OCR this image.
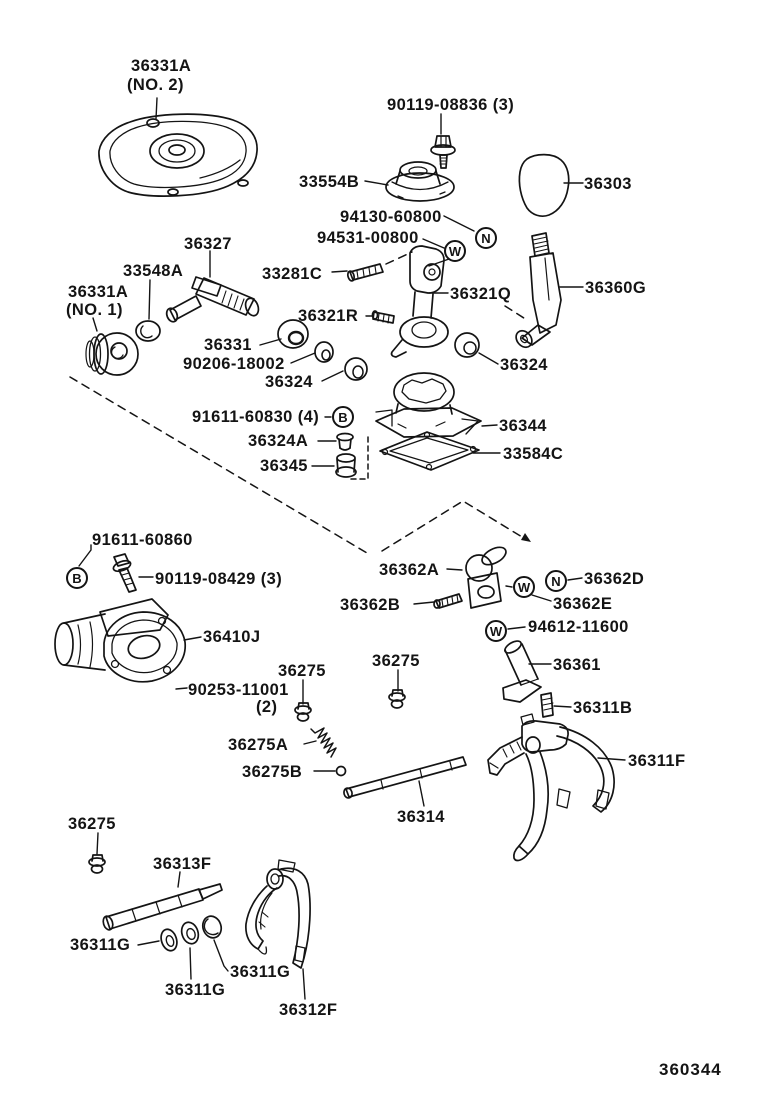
36331A
(NO. 2)
90119-08836 (3)
33554B	36303
94130-60800
94531-00800
36327
33548A
36331A
(NO. 1)
33281C
36321Q	36360G
36321R
36331
90206-18002
36324
36324
91611-60830 (4)
36324A
36345
36344
33584C
91611-60860
90119-08429 (3)
36410J
90253-11001
(2)
36275
36275	36361
36311B
36362A
36362B
36362D
36362E
94612-11600
36275A
36275B
36314
36311F
36275
36313F
36311G
36311G
36311G
36312F
N
W
B
B	N
W
W
360344
